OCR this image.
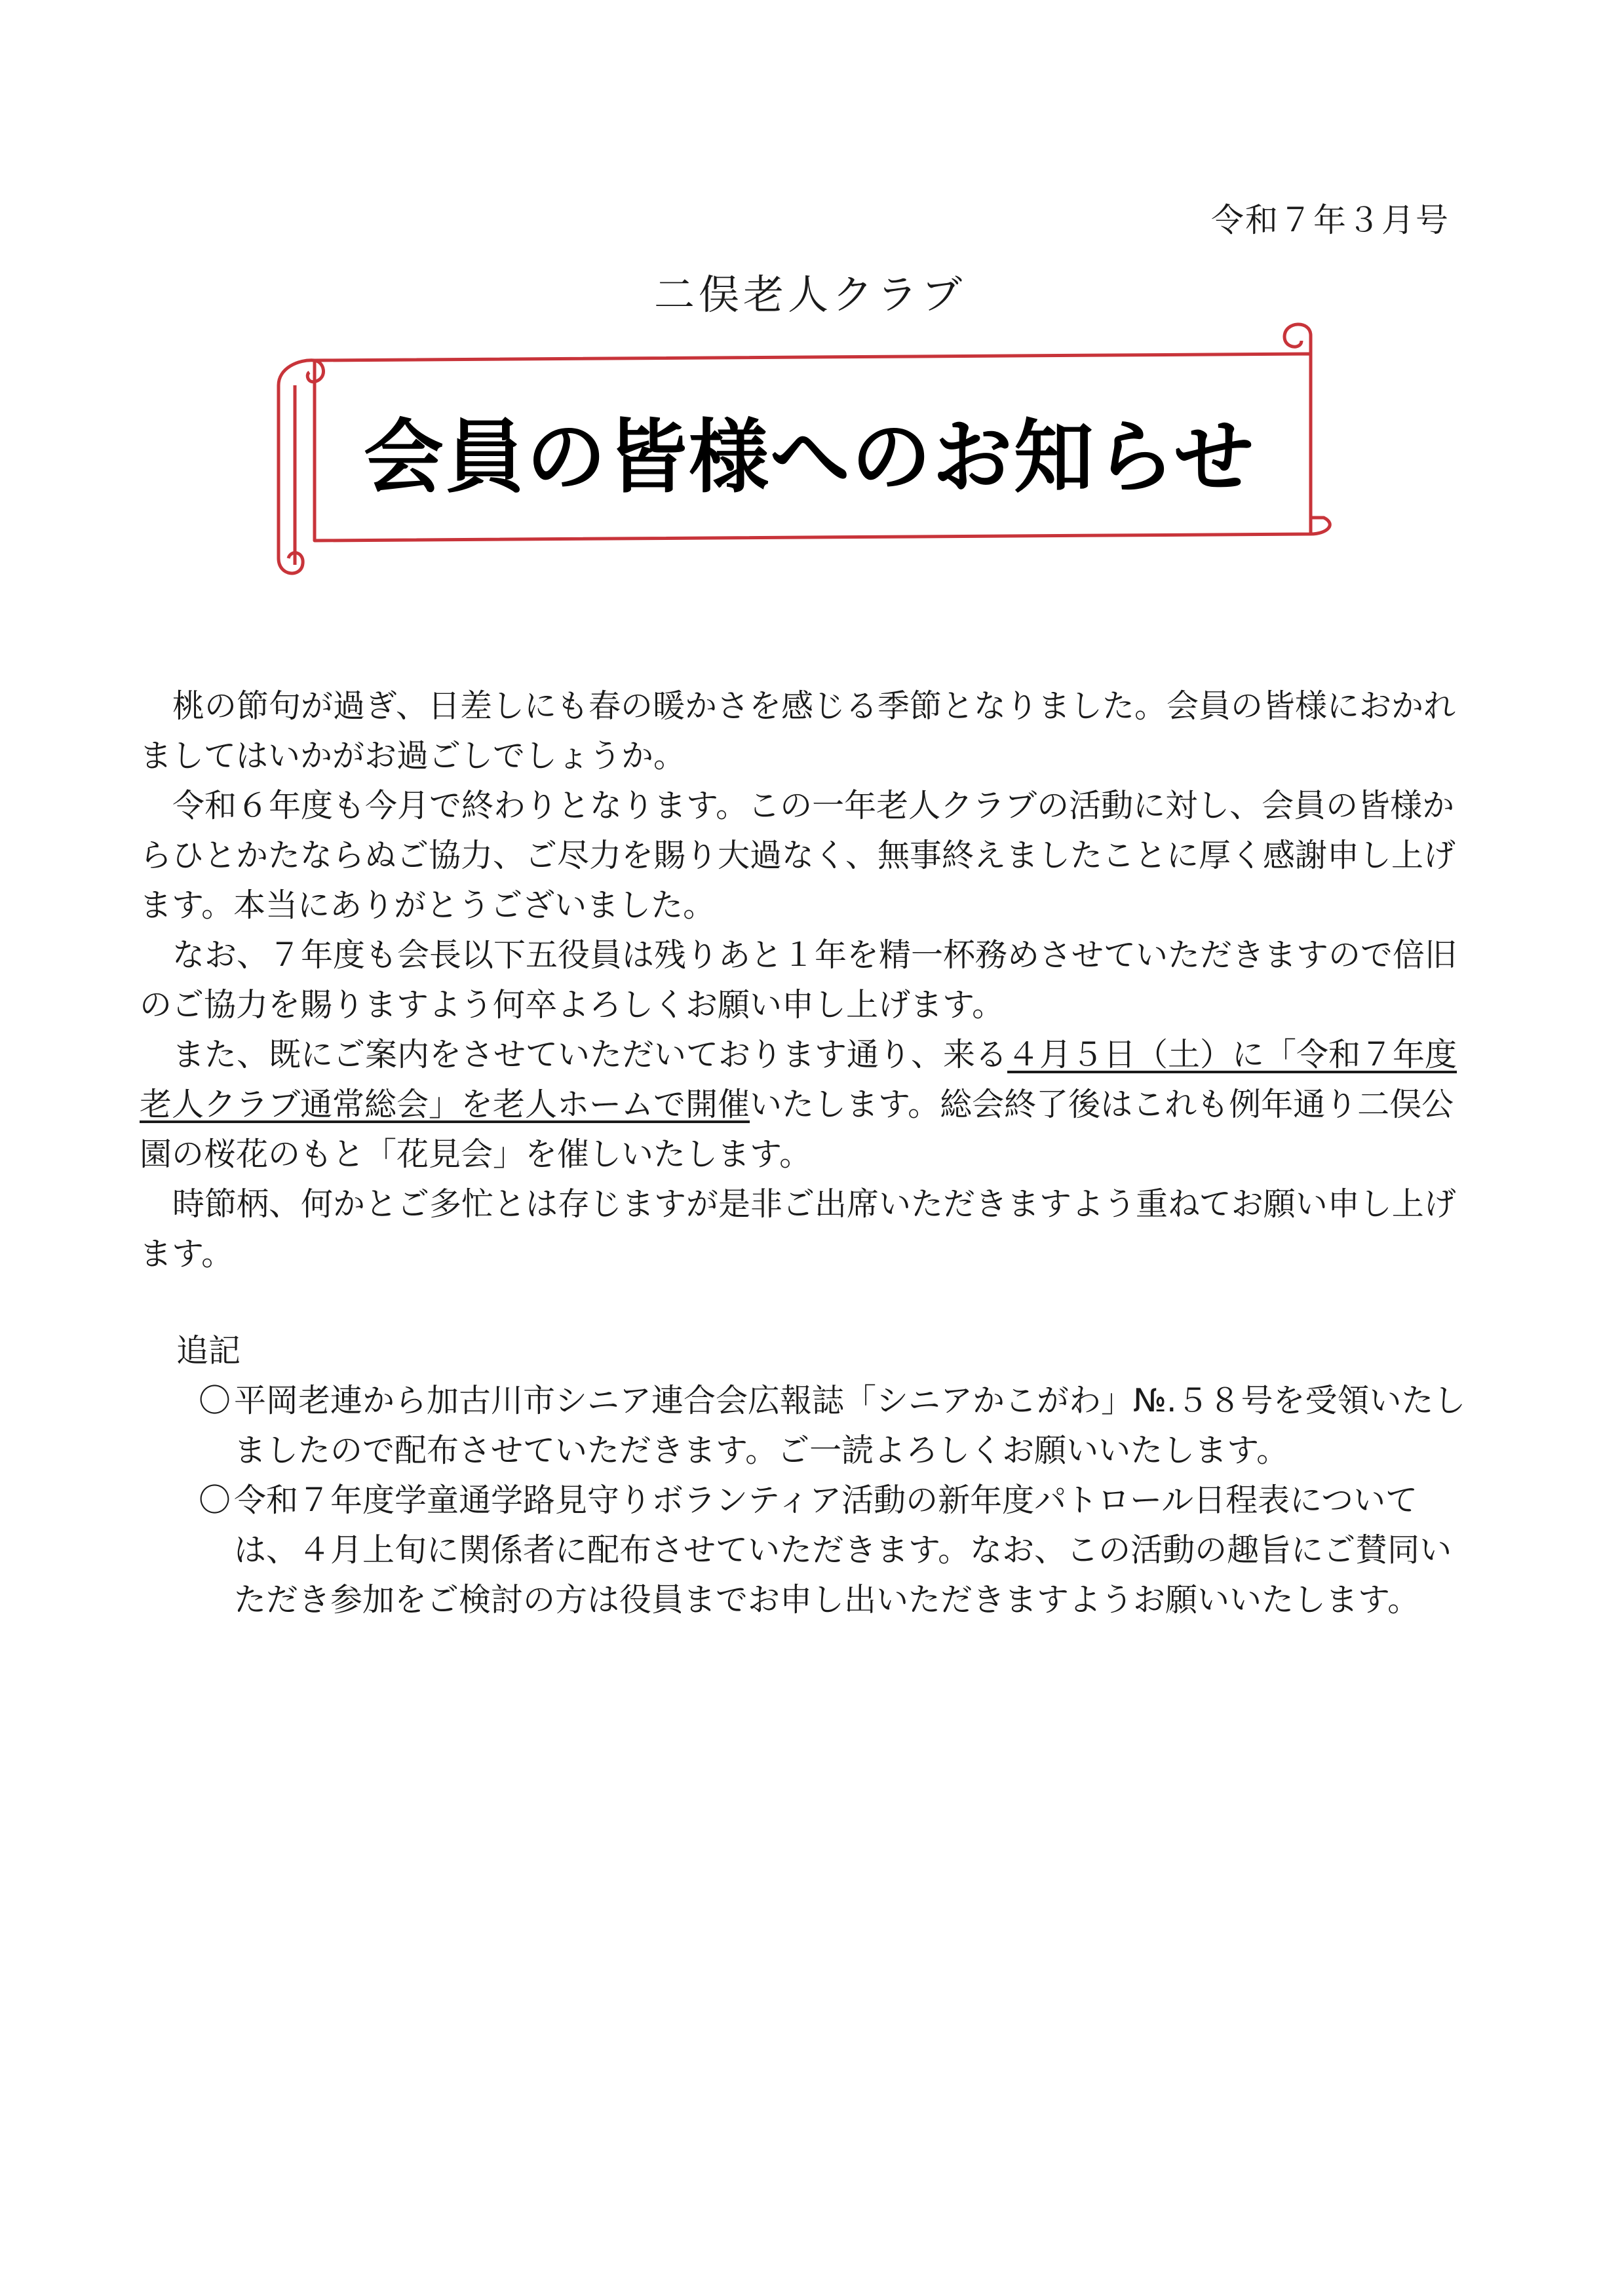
令和７年３月号
二俣老人クラブ
会員の皆様へのお知らせ

桃の節句が過ぎ、日差しにも春の暖かさを感じる季節となりました。会員の皆様におかれましてはいかがお過ごしでしょうか。

令和６年度も今月で終わりとなります。この一年老人クラブの活動に対し、会員の皆様からひとかたならぬご協力、ご尽力を賜り大過なく、無事終えましたことに厚く感謝申し上げます。本当にありがとうございました。

なお、７年度も会長以下五役員は残りあと１年を精一杯務めさせていただきますので倍旧のご協力を賜りますよう何卒よろしくお願い申し上げます。

また、既にご案内をさせていただいております通り、来る４月５日（土）に「令和７年度老人クラブ通常総会」を老人ホームで開催いたします。総会終了後はこれも例年通り二俣公園の桜花のもと「花見会」を催しいたします。

時節柄、何かとご多忙とは存じますが是非ご出席いただきますよう重ねてお願い申し上げます。

追記

〇 平岡老連から加古川市シニア連合会広報誌「シニアかこがわ」№.５８号を受領いたしましたので配布させていただきます。ご一読よろしくお願いいたします。

〇 令和７年度学童通学路見守りボランティア活動の新年度パトロール日程表については、４月上旬に関係者に配布させていただきます。なお、この活動の趣旨にご賛同いただき参加をご検討の方は役員までお申し出いただきますようお願いいたします。
